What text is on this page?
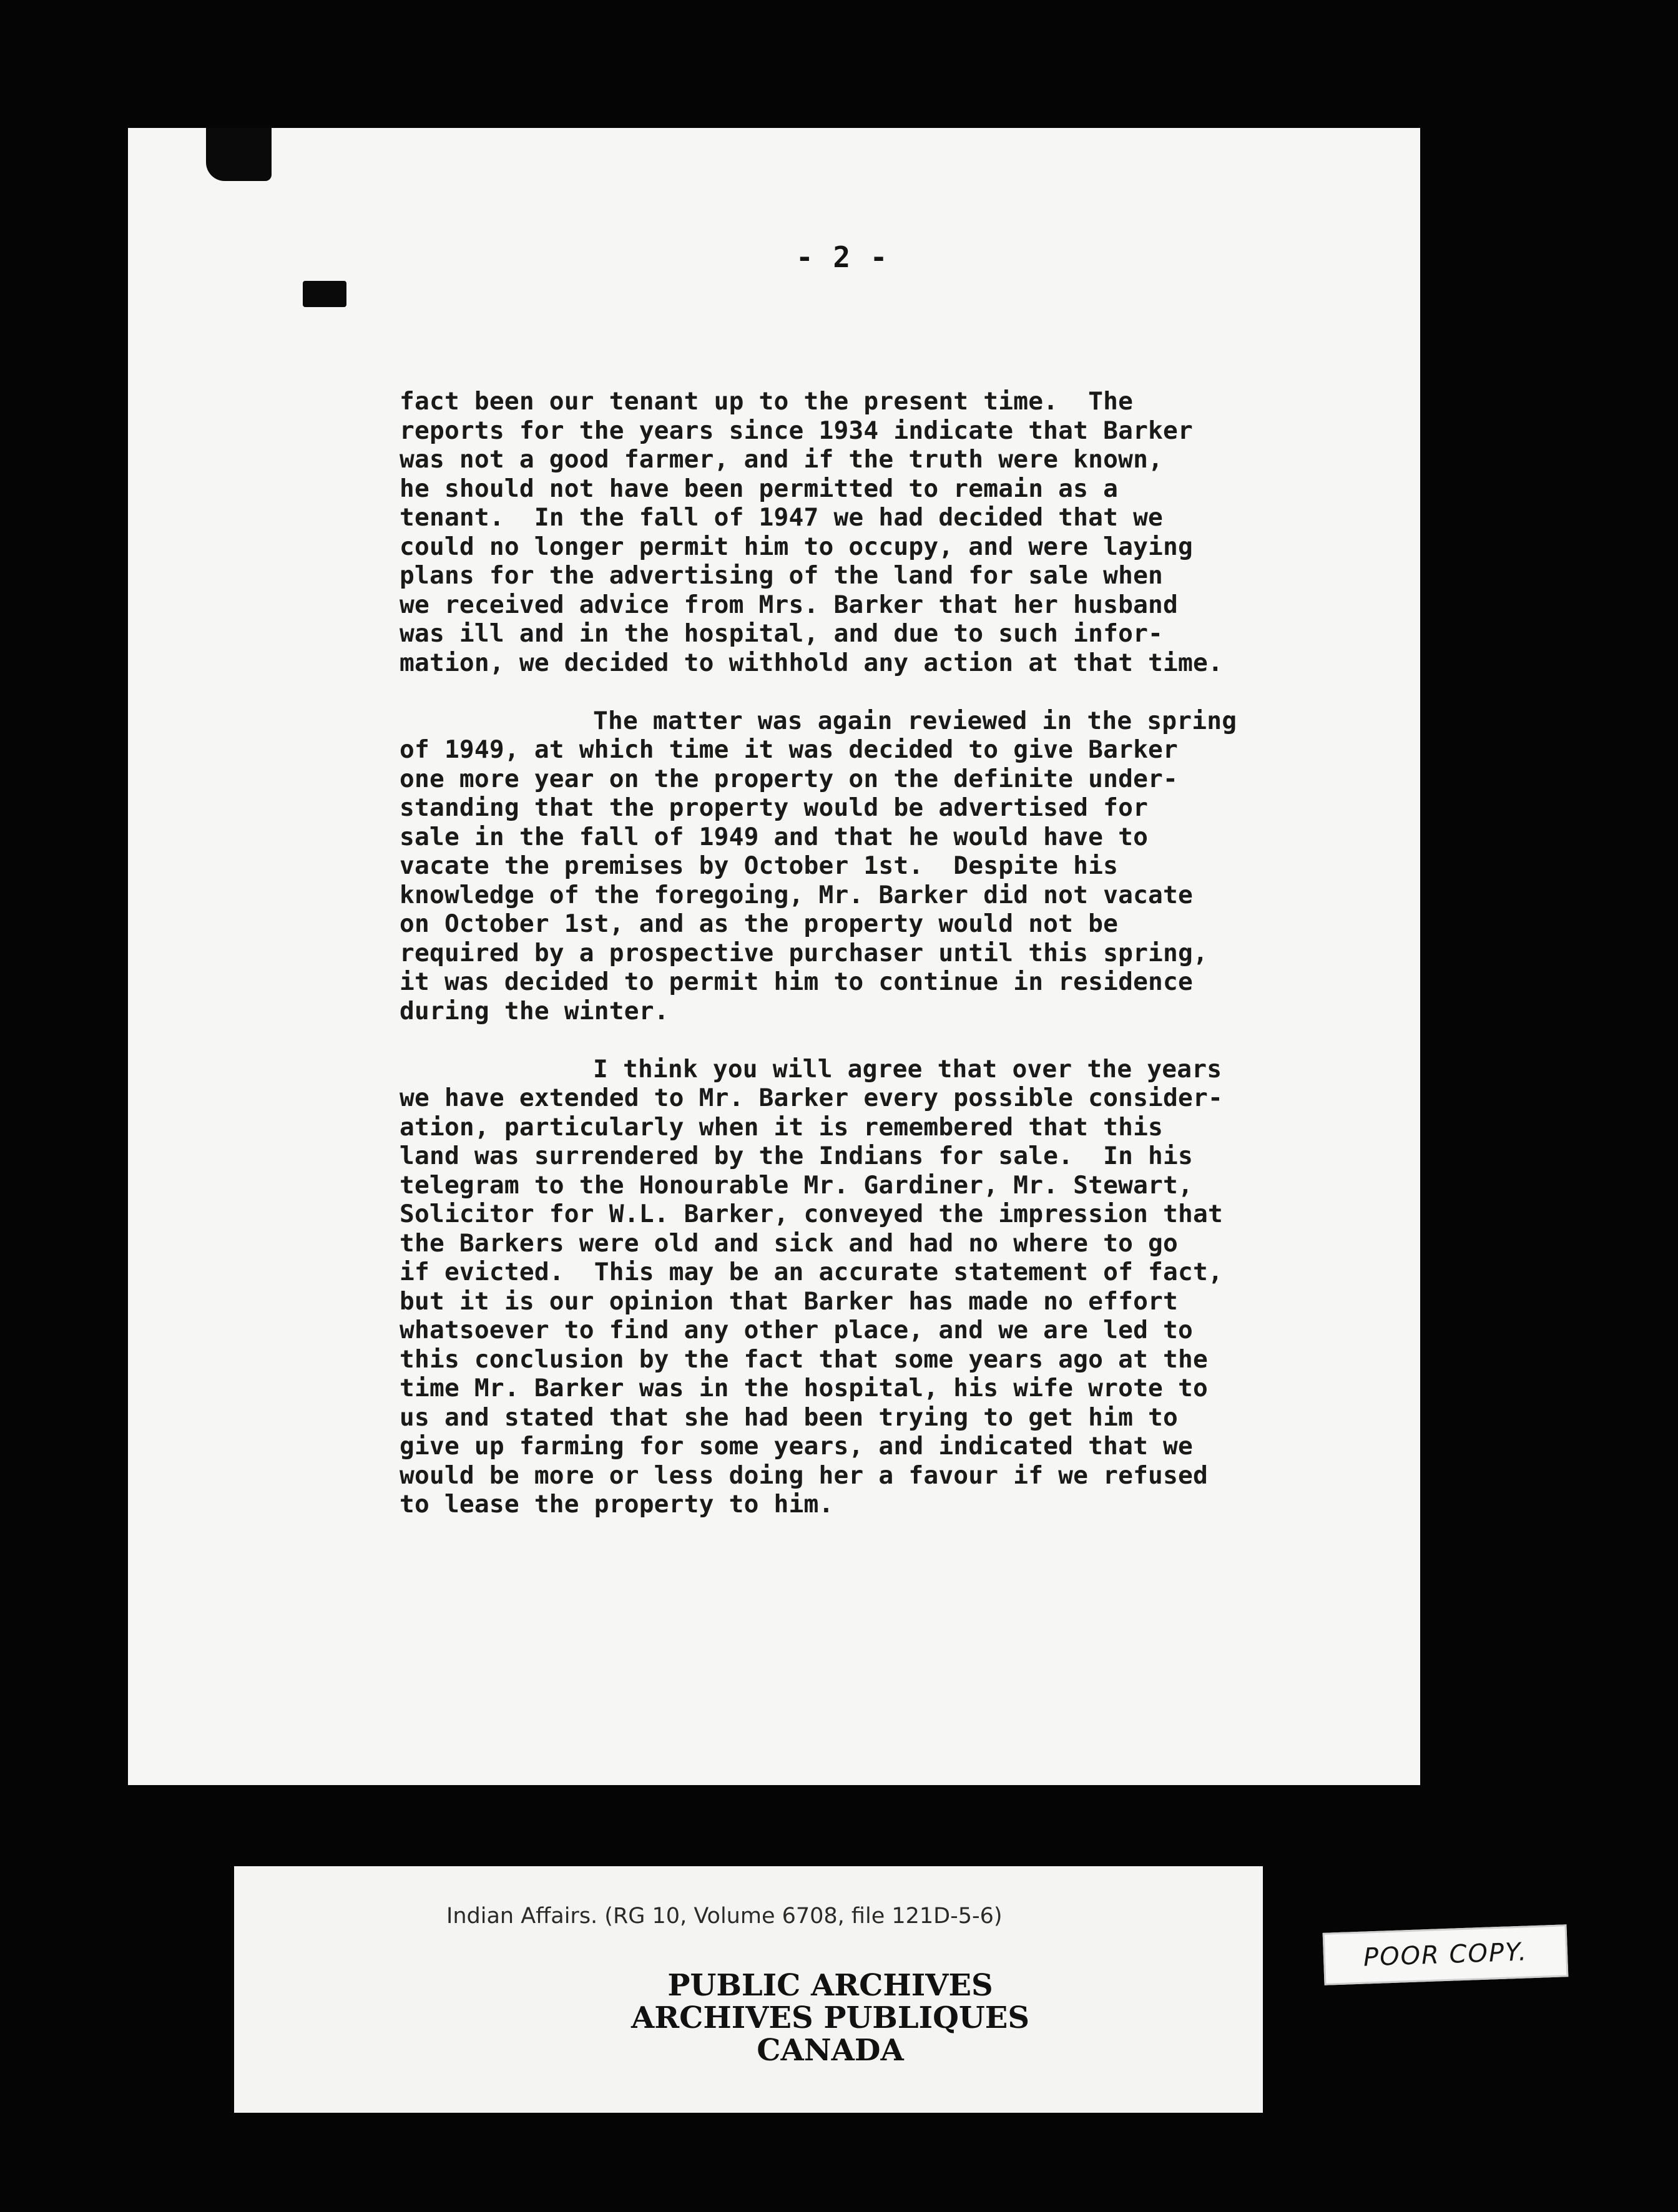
- 2 -

fact been our tenant up to the present time.  The
reports for the years since 1934 indicate that Barker
was not a good farmer, and if the truth were known,
he should not have been permitted to remain as a
tenant.  In the fall of 1947 we had decided that we
could no longer permit him to occupy, and were laying
plans for the advertising of the land for sale when
we received advice from Mrs. Barker that her husband
was ill and in the hospital, and due to such infor-
mation, we decided to withhold any action at that time.

The matter was again reviewed in the spring
of 1949, at which time it was decided to give Barker
one more year on the property on the definite under-
standing that the property would be advertised for
sale in the fall of 1949 and that he would have to
vacate the premises by October 1st.  Despite his
knowledge of the foregoing, Mr. Barker did not vacate
on October 1st, and as the property would not be
required by a prospective purchaser until this spring,
it was decided to permit him to continue in residence
during the winter.

I think you will agree that over the years
we have extended to Mr. Barker every possible consider-
ation, particularly when it is remembered that this
land was surrendered by the Indians for sale.  In his
telegram to the Honourable Mr. Gardiner, Mr. Stewart,
Solicitor for W.L. Barker, conveyed the impression that
the Barkers were old and sick and had no where to go
if evicted.  This may be an accurate statement of fact,
but it is our opinion that Barker has made no effort
whatsoever to find any other place, and we are led to
this conclusion by the fact that some years ago at the
time Mr. Barker was in the hospital, his wife wrote to
us and stated that she had been trying to get him to
give up farming for some years, and indicated that we
would be more or less doing her a favour if we refused
to lease the property to him.

Indian Affairs. (RG 10, Volume 6708, file 121D-5-6)
PUBLIC ARCHIVES
ARCHIVES PUBLIQUES
CANADA
POOR COPY.
